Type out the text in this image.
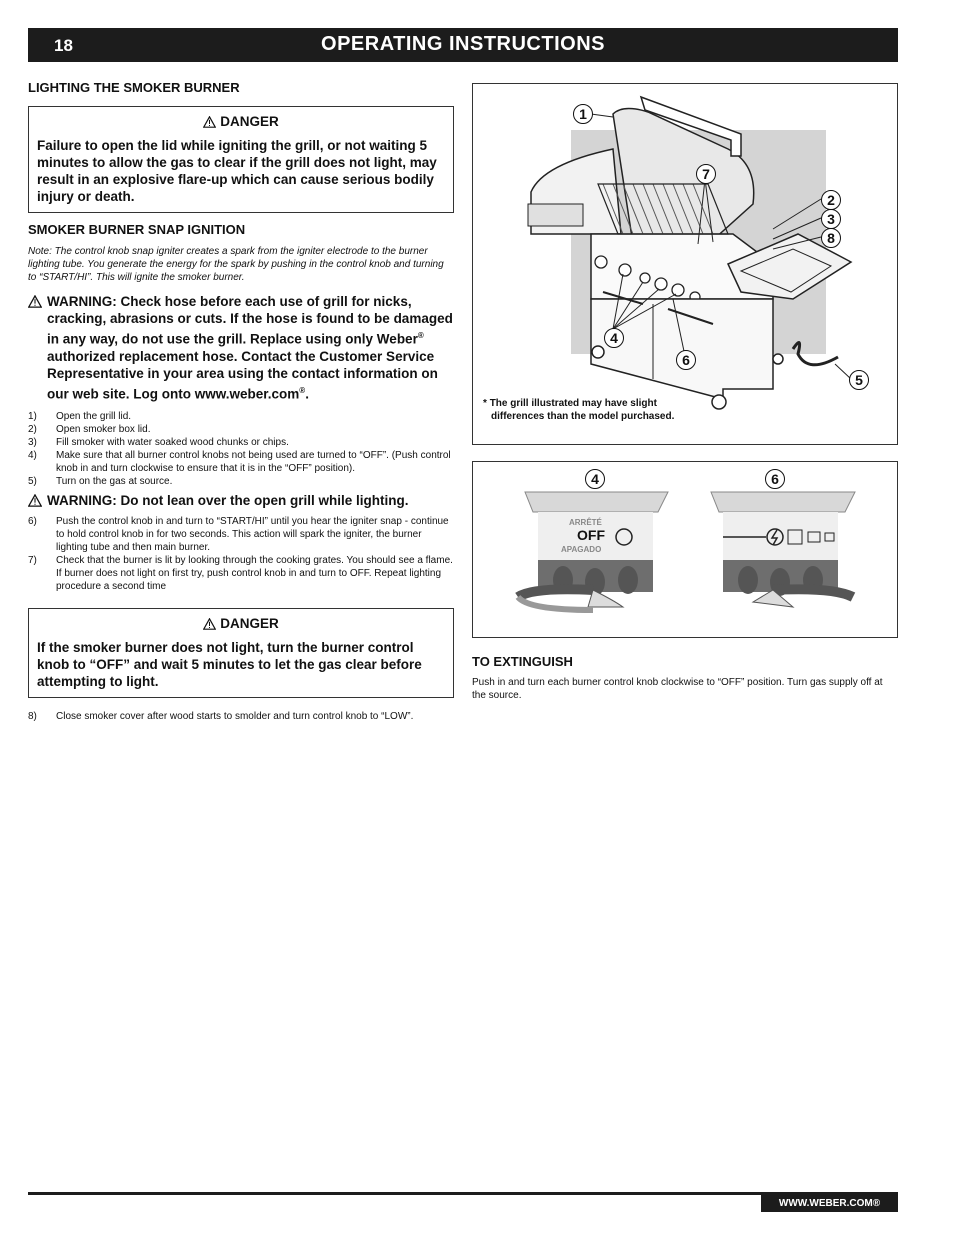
18	OPERATING INSTRUCTIONS
LIGHTING THE SMOKER BURNER
DANGER
Failure to open the lid while igniting the grill, or not waiting 5 minutes to allow the gas to clear if the grill does not light, may result in an explosive flare-up which can cause serious bodily injury or death.
SMOKER BURNER SNAP IGNITION

Note: The control knob snap igniter creates a spark from the igniter electrode to the burner lighting tube. You generate the energy for the spark by pushing in the control knob and turning to “START/HI”. This will ignite the smoker burner.

WARNING: Check hose before each use of grill for nicks, cracking, abrasions or cuts. If the hose is found to be damaged in any way, do not use the grill. Replace using only Weber® authorized replacement hose. Contact the Customer Service Representative in your area using the contact information on our web site. Log onto www.weber.com®.
1) Open the grill lid.
2) Open smoker box lid.
3) Fill smoker with water soaked wood chunks or chips.
4) Make sure that all burner control knobs not being used are turned to “OFF”. (Push control knob in and turn clockwise to ensure that it is in the “OFF” position).
5) Turn on the gas at source.
WARNING: Do not lean over the open grill while lighting.
6) Push the control knob in and turn to “START/HI” until you hear the igniter snap - continue to hold control knob in for two seconds. This action will spark the igniter, the burner lighting tube and then main burner.
7) Check that the burner is lit by looking through the cooking grates. You should see a flame. If burner does not light on first try, push control knob in and turn to OFF. Repeat lighting procedure a second time
DANGER
If the smoker burner does not light, turn the burner control knob to “OFF” and wait 5 minutes to let the gas clear before attempting to light.
8) Close smoker cover after wood starts to smolder and turn control knob to “LOW”.
1
2
3
8
7
4
6
5
* The grill illustrated may have slight
differences than the model purchased.
4	6
ARRÊTÉ
OFF
APAGADO
TO EXTINGUISH

Push in and turn each burner control knob clockwise to “OFF” position. Turn gas supply off at the source.

WWW.WEBER.COM®
